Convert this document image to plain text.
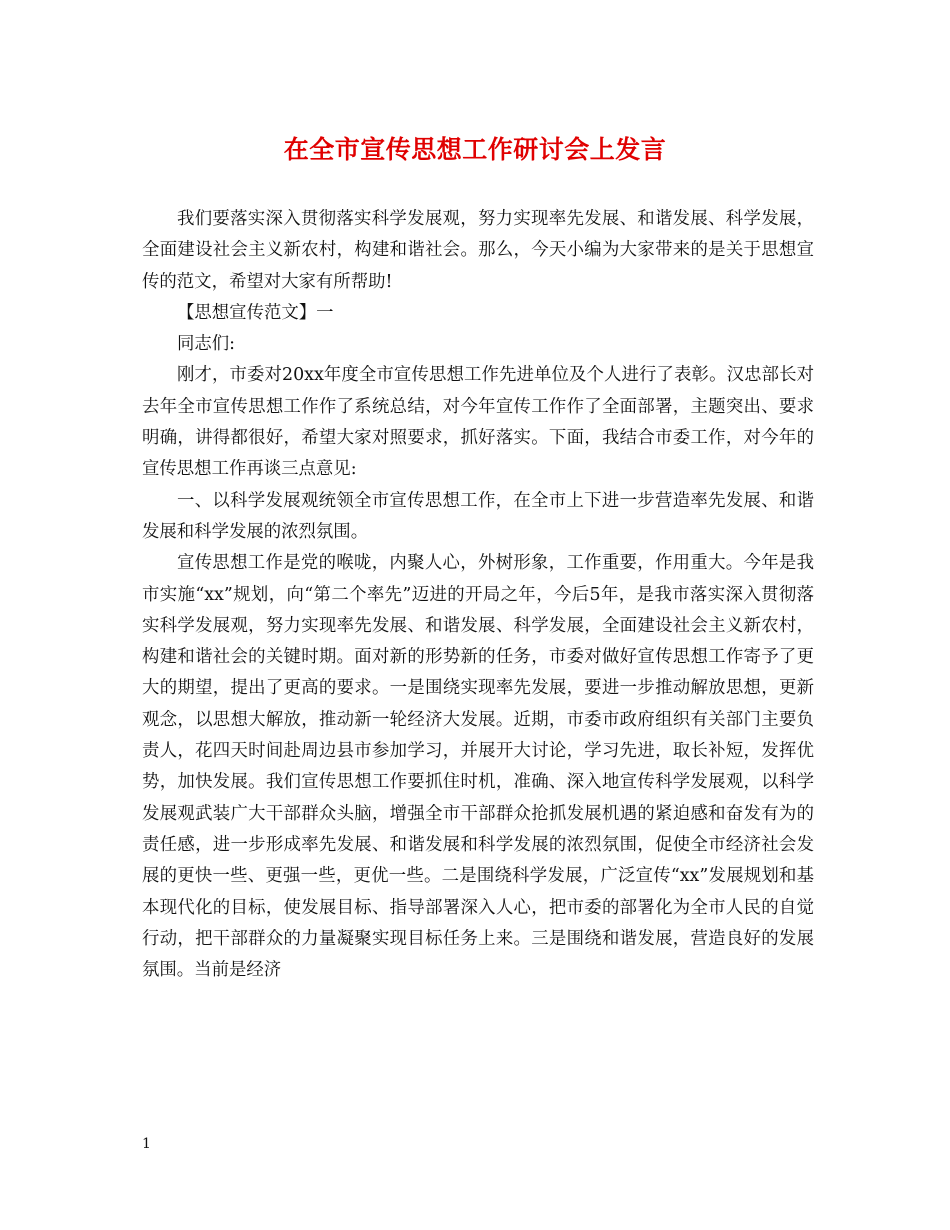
在全市宣传思想工作研讨会上发言

我们要落实深入贯彻落实科学发展观，努力实现率先发展、和谐发展、科学发展，全面建设社会主义新农村，构建和谐社会。那么，今天小编为大家带来的是关于思想宣传的范文，希望对大家有所帮助!

【思想宣传范文】一

同志们:

刚才，市委对20xx年度全市宣传思想工作先进单位及个人进行了表彰。汉忠部长对去年全市宣传思想工作作了系统总结，对今年宣传工作作了全面部署，主题突出、要求明确，讲得都很好，希望大家对照要求，抓好落实。下面，我结合市委工作，对今年的宣传思想工作再谈三点意见:

一、以科学发展观统领全市宣传思想工作，在全市上下进一步营造率先发展、和谐发展和科学发展的浓烈氛围。

宣传思想工作是党的喉咙，内聚人心，外树形象，工作重要，作用重大。今年是我市实施“xx”规划，向“第二个率先”迈进的开局之年，今后5年，是我市落实深入贯彻落实科学发展观，努力实现率先发展、和谐发展、科学发展，全面建设社会主义新农村，构建和谐社会的关键时期。面对新的形势新的任务，市委对做好宣传思想工作寄予了更大的期望，提出了更高的要求。一是围绕实现率先发展，要进一步推动解放思想，更新观念，以思想大解放，推动新一轮经济大发展。近期，市委市政府组织有关部门主要负责人，花四天时间赴周边县市参加学习，并展开大讨论，学习先进，取长补短，发挥优势，加快发展。我们宣传思想工作要抓住时机，准确、深入地宣传科学发展观，以科学发展观武装广大干部群众头脑，增强全市干部群众抢抓发展机遇的紧迫感和奋发有为的责任感，进一步形成率先发展、和谐发展和科学发展的浓烈氛围，促使全市经济社会发展的更快一些、更强一些，更优一些。二是围绕科学发展，广泛宣传“xx”发展规划和基本现代化的目标，使发展目标、指导部署深入人心，把市委的部署化为全市人民的自觉行动，把干部群众的力量凝聚实现目标任务上来。三是围绕和谐发展，营造良好的发展氛围。当前是经济

1
